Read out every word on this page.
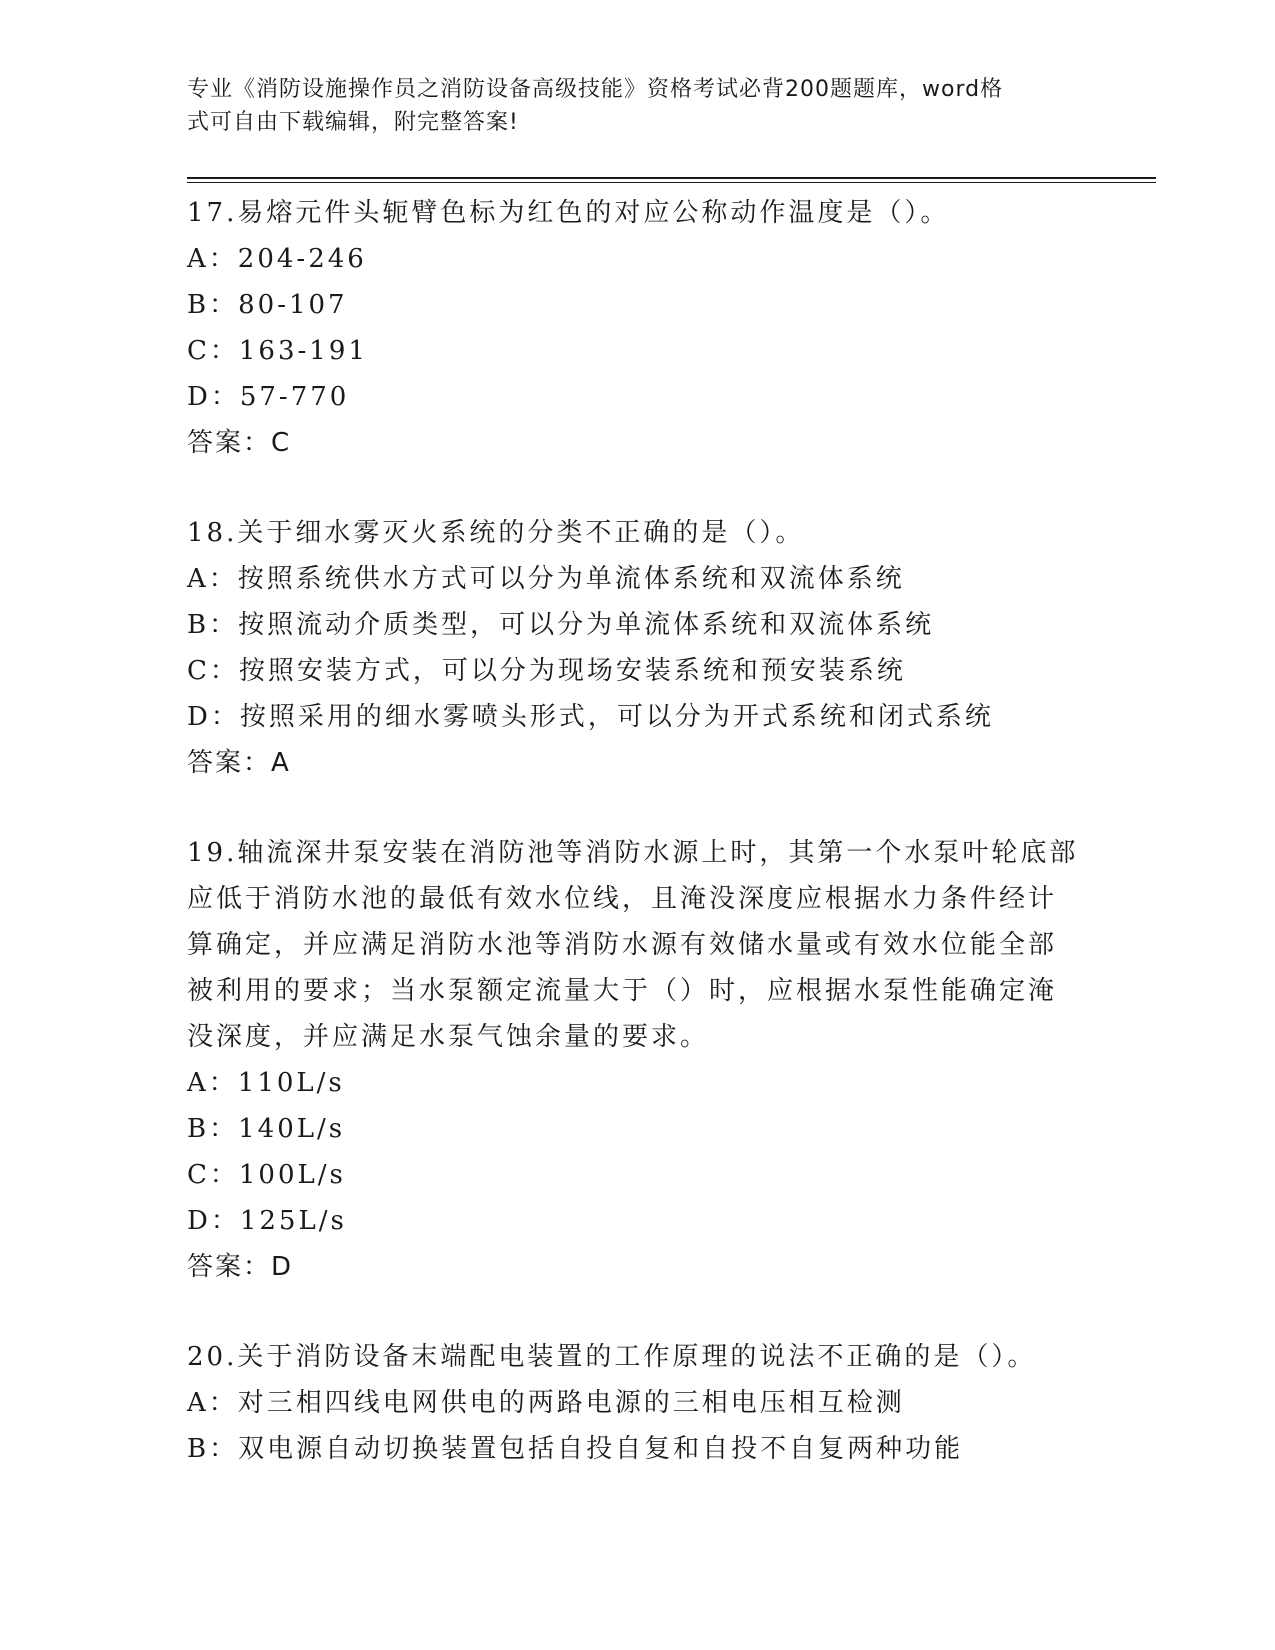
专业《消防设施操作员之消防设备高级技能》资格考试必背200题题库，word格
式可自由下载编辑，附完整答案!
17.易熔元件头轭臂色标为红色的对应公称动作温度是（）。
A：204-246
B：80-107
C：163-191
D：57-770
答案：C
18.关于细水雾灭火系统的分类不正确的是（）。
A：按照系统供水方式可以分为单流体系统和双流体系统
B：按照流动介质类型，可以分为单流体系统和双流体系统
C：按照安装方式，可以分为现场安装系统和预安装系统
D：按照采用的细水雾喷头形式，可以分为开式系统和闭式系统
答案：A
19.轴流深井泵安装在消防池等消防水源上时，其第一个水泵叶轮底部
应低于消防水池的最低有效水位线，且淹没深度应根据水力条件经计
算确定，并应满足消防水池等消防水源有效储水量或有效水位能全部
被利用的要求；当水泵额定流量大于（）时，应根据水泵性能确定淹
没深度，并应满足水泵气蚀余量的要求。
A：110L/s
B：140L/s
C：100L/s
D：125L/s
答案：D
20.关于消防设备末端配电装置的工作原理的说法不正确的是（）。
A：对三相四线电网供电的两路电源的三相电压相互检测
B：双电源自动切换装置包括自投自复和自投不自复两种功能
